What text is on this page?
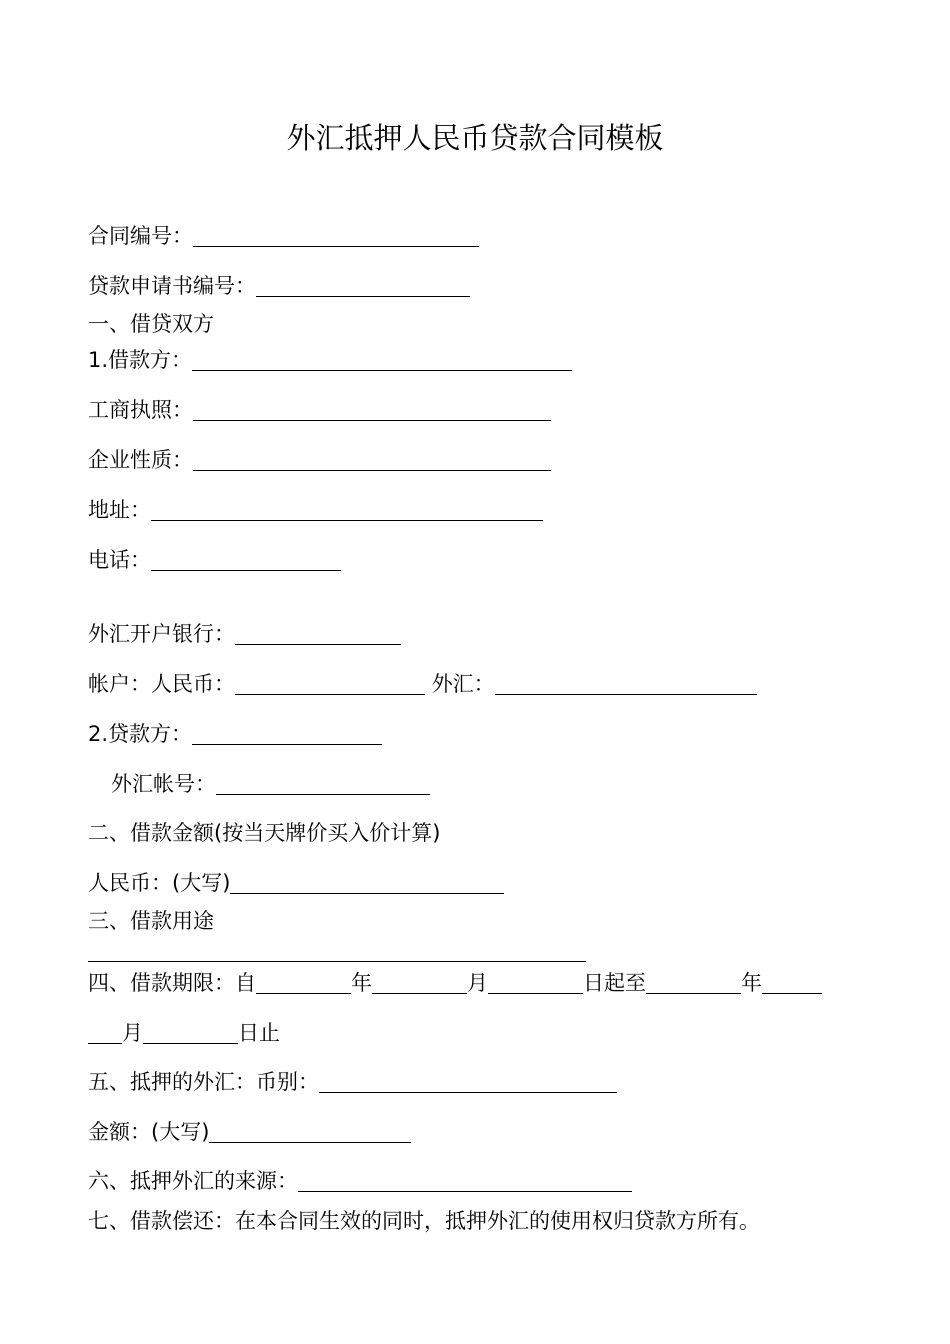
外汇抵押人民币贷款合同模板
合同编号：
贷款申请书编号：
一、借贷双方
1.借款方：
工商执照：
企业性质：
地址：
电话：
外汇开户银行：
帐户：人民币：	外汇：
2.贷款方：
外汇帐号：
二、借款金额(按当天牌价买入价计算)
人民币：(大写)
三、借款用途
四、借款期限：自	年	月	日起至	年
月	日止
五、抵押的外汇：币别：
金额：(大写)
六、抵押外汇的来源：
七、借款偿还：在本合同生效的同时，抵押外汇的使用权归贷款方所有。
